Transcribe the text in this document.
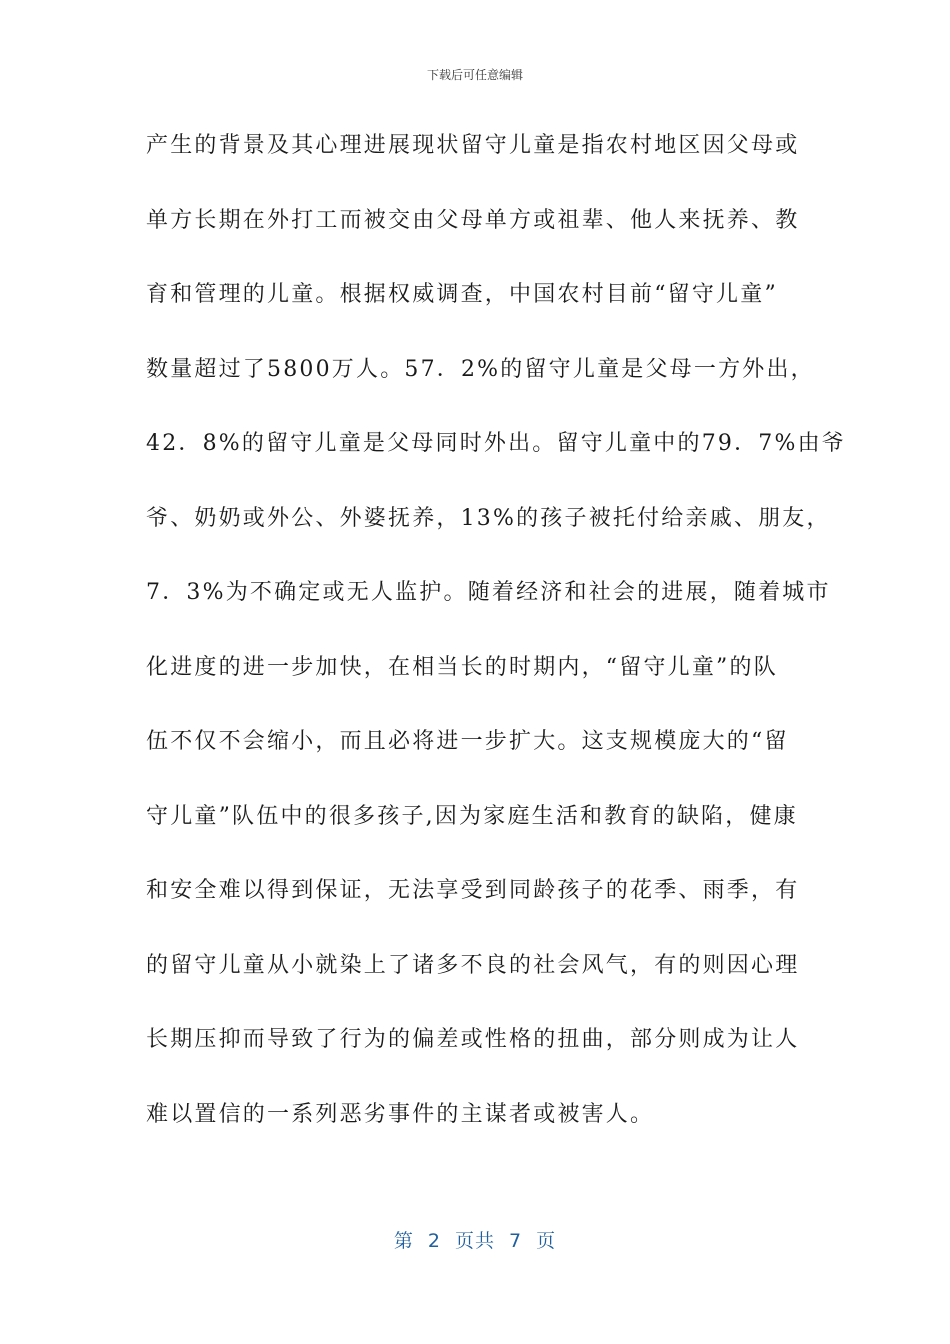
下载后可任意编辑
产生的背景及其心理进展现状留守儿童是指农村地区因父母或
单方长期在外打工而被交由父母单方或祖辈、他人来抚养、教
育和管理的儿童。根据权威调查，中国农村目前“留守儿童”
数量超过了5800万人。57．2%的留守儿童是父母一方外出，
42．8%的留守儿童是父母同时外出。留守儿童中的79．7%由爷
爷、奶奶或外公、外婆抚养，13%的孩子被托付给亲戚、朋友，
7．3%为不确定或无人监护。随着经济和社会的进展，随着城市
化进度的进一步加快，在相当长的时期内，“留守儿童”的队
伍不仅不会缩小，而且必将进一步扩大。这支规模庞大的“留
守儿童”队伍中的很多孩子,因为家庭生活和教育的缺陷，健康
和安全难以得到保证，无法享受到同龄孩子的花季、雨季，有
的留守儿童从小就染上了诸多不良的社会风气，有的则因心理
长期压抑而导致了行为的偏差或性格的扭曲，部分则成为让人
难以置信的一系列恶劣事件的主谋者或被害人。
第 2 页共 7 页
